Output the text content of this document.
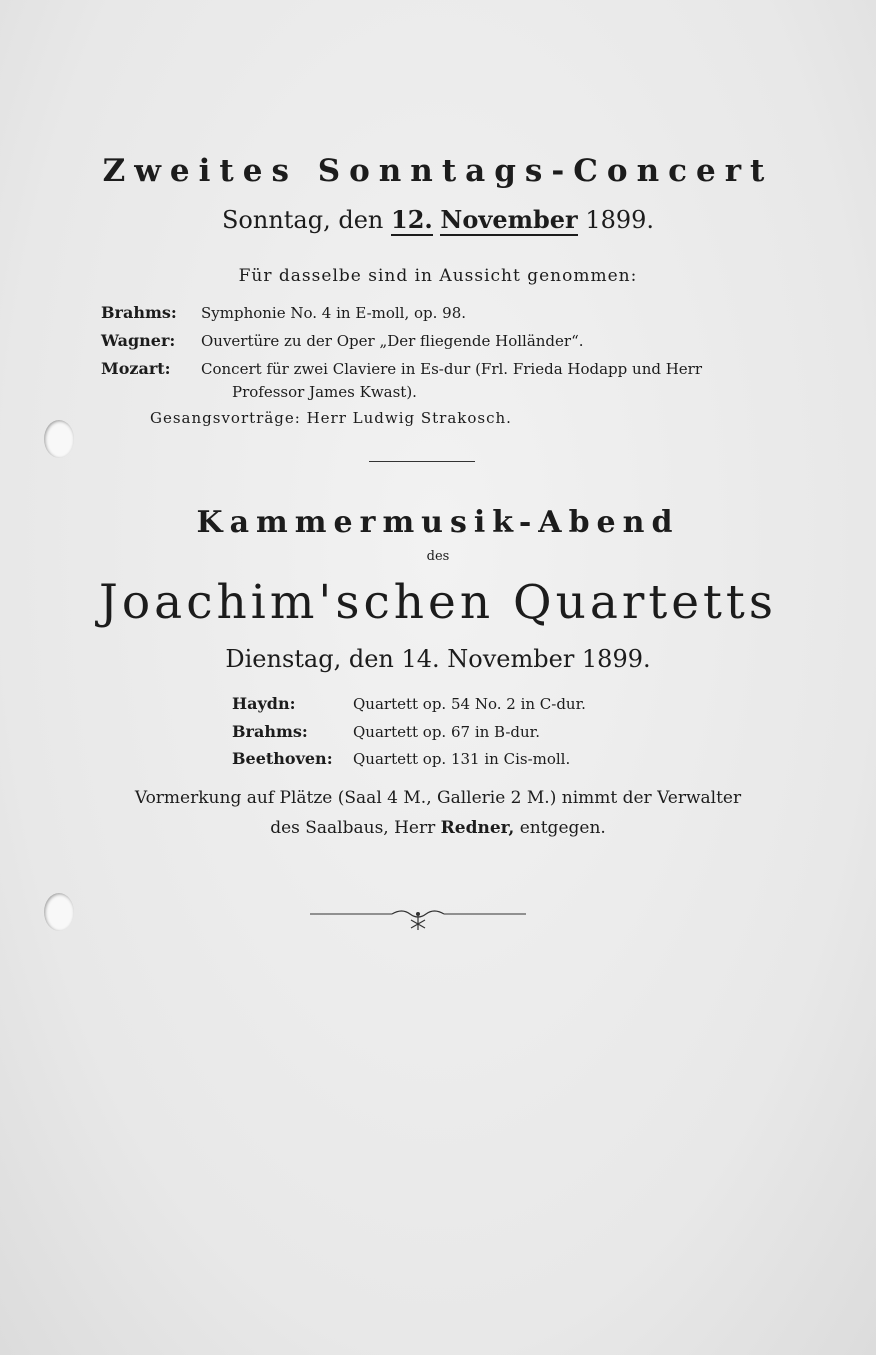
Zweites Sonntags-Concert
Sonntag, den 12. November 1899.
Für dasselbe sind in Aussicht genommen:
Brahms: Symphonie No. 4 in E-moll, op. 98.
Wagner: Ouvertüre zu der Oper „Der fliegende Holländer“.
Mozart: Concert für zwei Claviere in Es-dur (Frl. Frieda Hodapp und Herr
Professor James Kwast).
Gesangsvorträge: Herr Ludwig Strakosch.
Kammermusik-Abend
des
Joachim'schen Quartetts
Dienstag, den 14. November 1899.
Haydn:	Quartett op. 54 No. 2 in C-dur.
Brahms:	Quartett op. 67 in B-dur.
Beethoven: Quartett op. 131 in Cis-moll.
Vormerkung auf Plätze (Saal 4 M., Gallerie 2 M.) nimmt der Verwalter
des Saalbaus, Herr Redner, entgegen.
